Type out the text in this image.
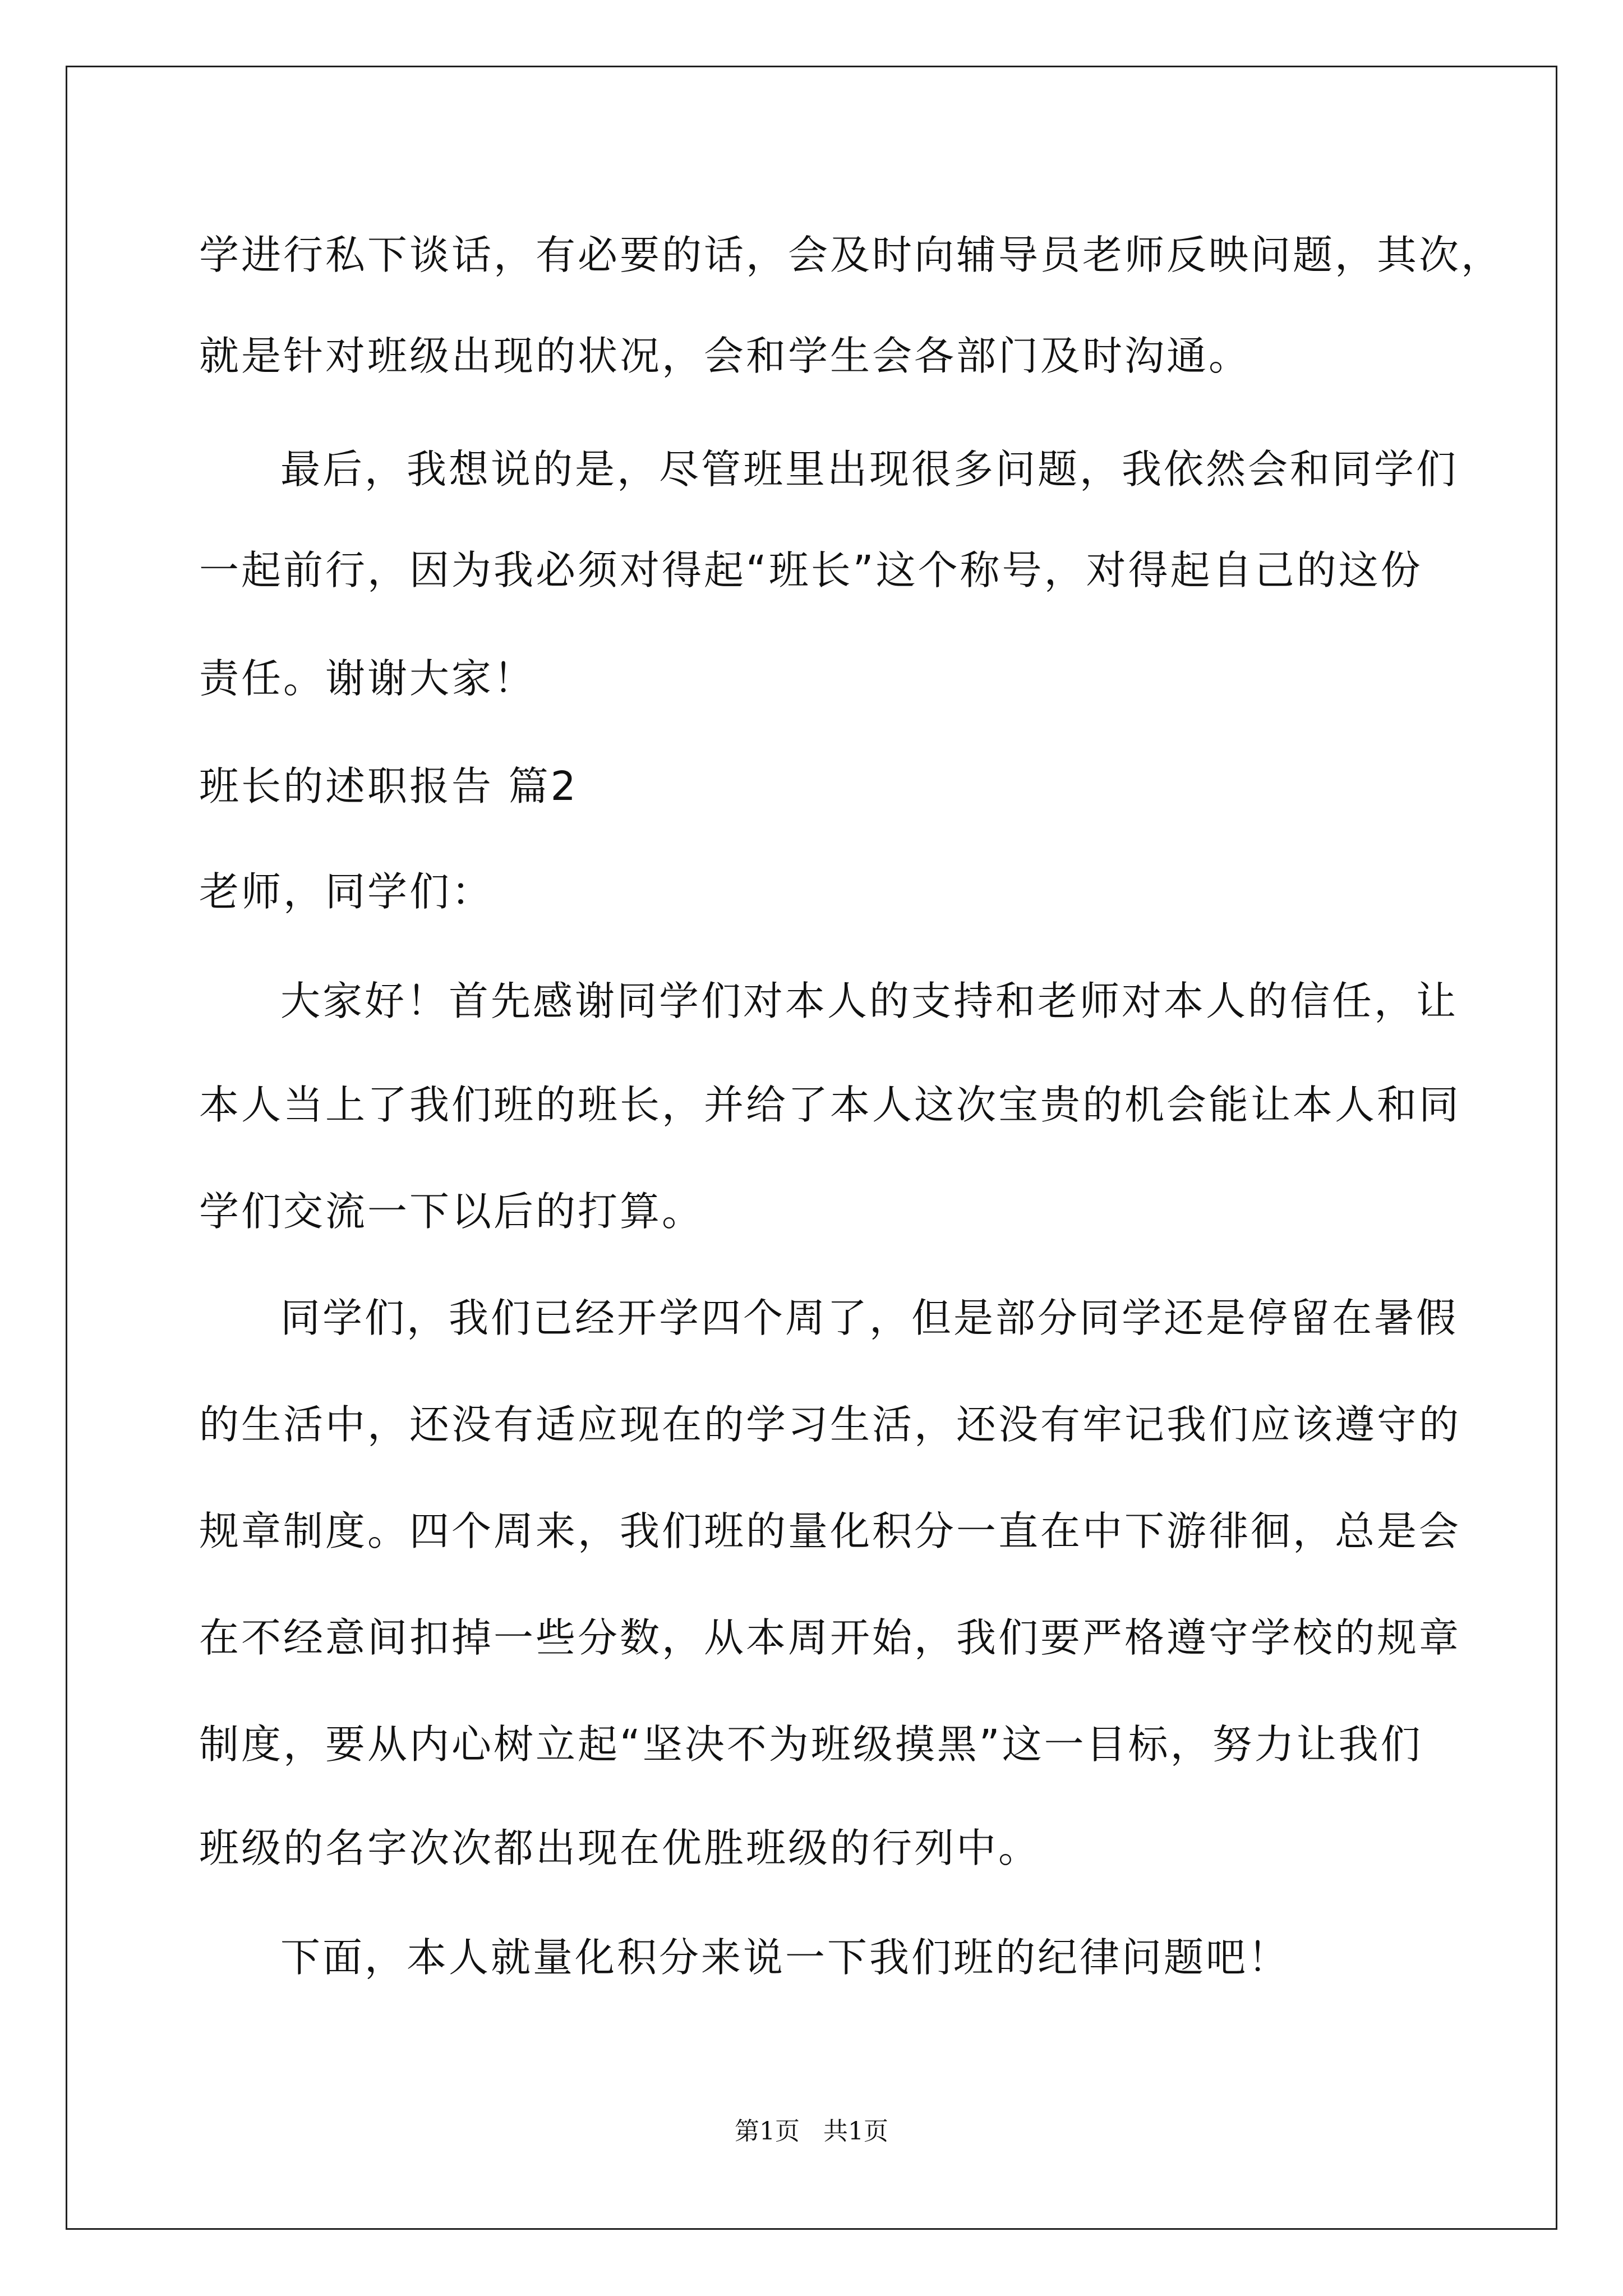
学进行私下谈话，有必要的话，会及时向辅导员老师反映问题，其次，
就是针对班级出现的状况，会和学生会各部门及时沟通。
最后，我想说的是，尽管班里出现很多问题，我依然会和同学们
一起前行，因为我必须对得起“班长”这个称号，对得起自己的这份
责任。谢谢大家！
班长的述职报告 篇2
老师，同学们：
大家好！首先感谢同学们对本人的支持和老师对本人的信任，让
本人当上了我们班的班长，并给了本人这次宝贵的机会能让本人和同
学们交流一下以后的打算。
同学们，我们已经开学四个周了，但是部分同学还是停留在暑假
的生活中，还没有适应现在的学习生活，还没有牢记我们应该遵守的
规章制度。四个周来，我们班的量化积分一直在中下游徘徊，总是会
在不经意间扣掉一些分数，从本周开始，我们要严格遵守学校的规章
制度，要从内心树立起“坚决不为班级摸黑”这一目标，努力让我们
班级的名字次次都出现在优胜班级的行列中。
下面，本人就量化积分来说一下我们班的纪律问题吧！
第1页   共1页
